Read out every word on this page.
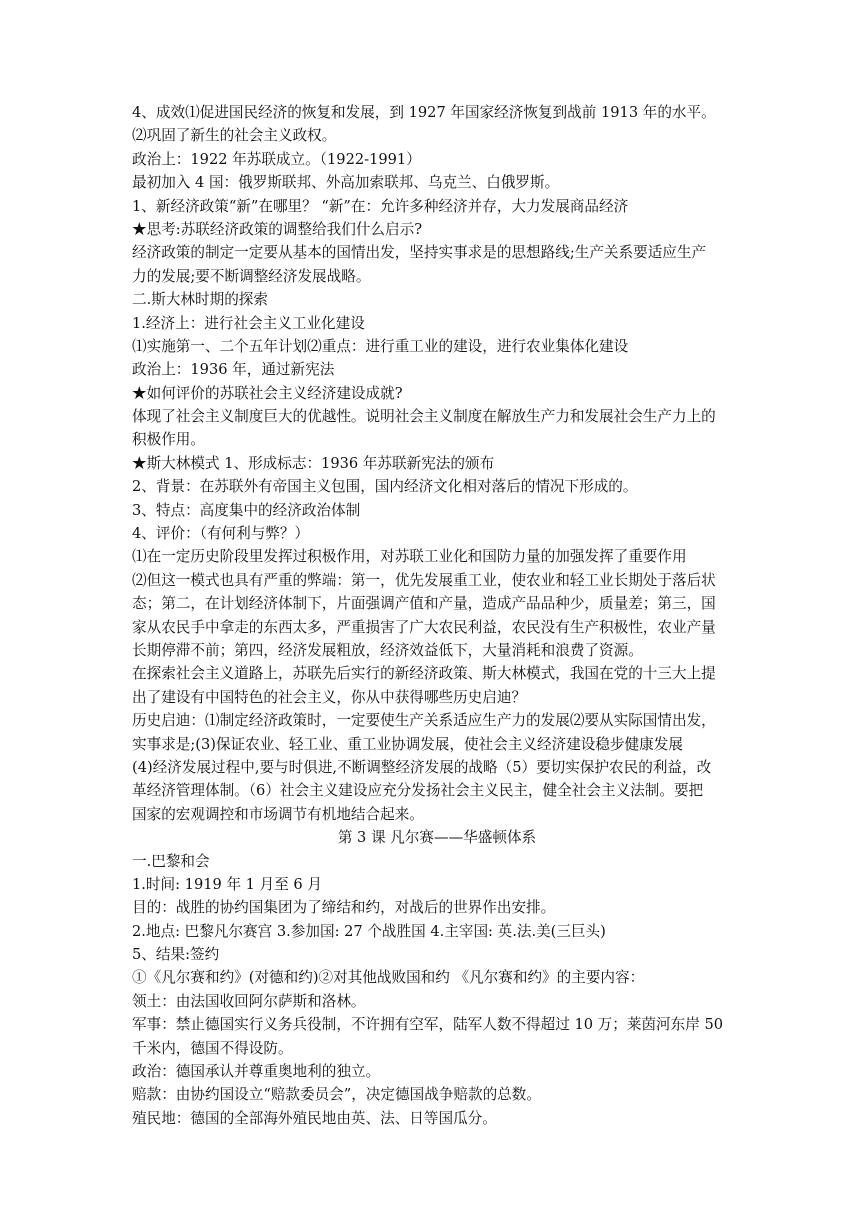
4、成效⑴促进国民经济的恢复和发展，到 1927 年国家经济恢复到战前 1913 年的水平。
⑵巩固了新生的社会主义政权。
政治上：1922 年苏联成立。（1922-1991）
最初加入 4 国：俄罗斯联邦、外高加索联邦、乌克兰、白俄罗斯。
1、新经济政策“新”在哪里？ “新”在：允许多种经济并存，大力发展商品经济
★思考:苏联经济政策的调整给我们什么启示?
经济政策的制定一定要从基本的国情出发，坚持实事求是的思想路线;生产关系要适应生产
力的发展;要不断调整经济发展战略。
二.斯大林时期的探索
1.经济上：进行社会主义工业化建设
⑴实施第一、二个五年计划⑵重点：进行重工业的建设，进行农业集体化建设
政治上：1936 年，通过新宪法
★如何评价的苏联社会主义经济建设成就?
体现了社会主义制度巨大的优越性。说明社会主义制度在解放生产力和发展社会生产力上的
积极作用。
★斯大林模式 1、形成标志：1936 年苏联新宪法的颁布
2、背景：在苏联外有帝国主义包围，国内经济文化相对落后的情况下形成的。
3、特点：高度集中的经济政治体制
4、评价：（有何利与弊？）
⑴在一定历史阶段里发挥过积极作用，对苏联工业化和国防力量的加强发挥了重要作用
⑵但这一模式也具有严重的弊端：第一，优先发展重工业，使农业和轻工业长期处于落后状
态；第二，在计划经济体制下，片面强调产值和产量，造成产品品种少，质量差；第三，国
家从农民手中拿走的东西太多，严重损害了广大农民利益，农民没有生产积极性，农业产量
长期停滞不前；第四，经济发展粗放，经济效益低下，大量消耗和浪费了资源。
在探索社会主义道路上，苏联先后实行的新经济政策、斯大林模式，我国在党的十三大上提
出了建设有中国特色的社会主义，你从中获得哪些历史启迪？
历史启迪：⑴制定经济政策时，一定要使生产关系适应生产力的发展⑵要从实际国情出发，
实事求是;(3)保证农业、轻工业、重工业协调发展，使社会主义经济建设稳步健康发展
(4)经济发展过程中,要与时俱进,不断调整经济发展的战略（5）要切实保护农民的利益，改
革经济管理体制。（6）社会主义建设应充分发扬社会主义民主，健全社会主义法制。要把
国家的宏观调控和市场调节有机地结合起来。
第 3 课 凡尔赛——华盛顿体系
一.巴黎和会
1.时间: 1919 年 1 月至 6 月
目的：战胜的协约国集团为了缔结和约，对战后的世界作出安排。
2.地点: 巴黎凡尔赛宫 3.参加国: 27 个战胜国 4.主宰国: 英.法.美(三巨头)
5、结果:签约
①《凡尔赛和约》(对德和约)②对其他战败国和约 《凡尔赛和约》的主要内容：
领土：由法国收回阿尔萨斯和洛林。
军事：禁止德国实行义务兵役制，不许拥有空军，陆军人数不得超过 10 万；莱茵河东岸 50
千米内，德国不得设防。
政治：德国承认并尊重奥地利的独立。
赔款：由协约国设立“赔款委员会”，决定德国战争赔款的总数。
殖民地：德国的全部海外殖民地由英、法、日等国瓜分。
